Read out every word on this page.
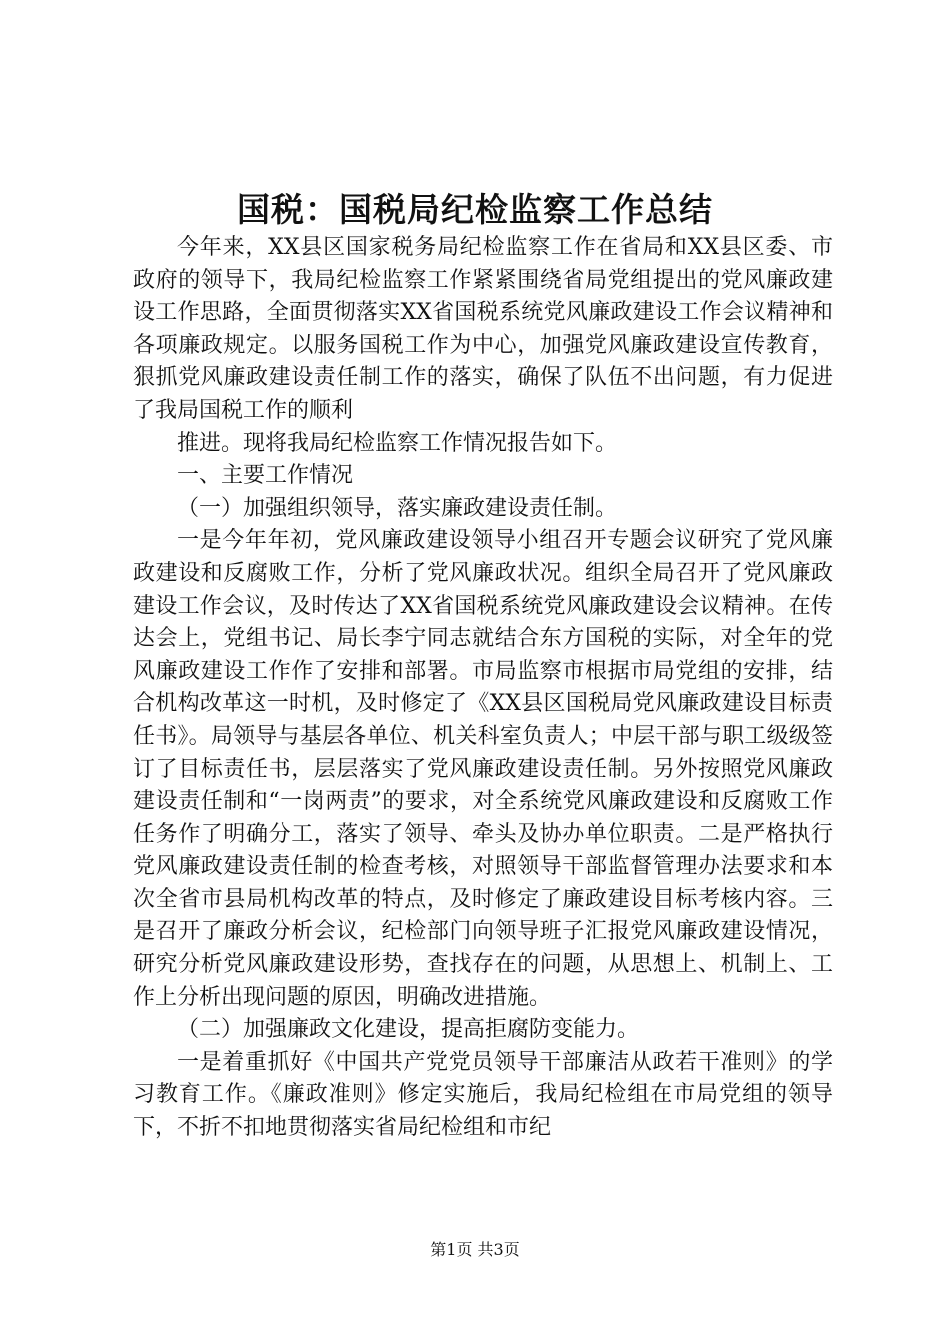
国税：国税局纪检监察工作总结

今年来，XX县区国家税务局纪检监察工作在省局和XX县区委、市政府的领导下，我局纪检监察工作紧紧围绕省局党组提出的党风廉政建设工作思路，全面贯彻落实XX省国税系统党风廉政建设工作会议精神和各项廉政规定。以服务国税工作为中心，加强党风廉政建设宣传教育，狠抓党风廉政建设责任制工作的落实，确保了队伍不出问题，有力促进了我局国税工作的顺利

推进。现将我局纪检监察工作情况报告如下。

一、主要工作情况

（一）加强组织领导，落实廉政建设责任制。

一是今年年初，党风廉政建设领导小组召开专题会议研究了党风廉政建设和反腐败工作，分析了党风廉政状况。组织全局召开了党风廉政建设工作会议，及时传达了XX省国税系统党风廉政建设会议精神。在传达会上，党组书记、局长李宁同志就结合东方国税的实际，对全年的党风廉政建设工作作了安排和部署。市局监察市根据市局党组的安排，结合机构改革这一时机，及时修定了《XX县区国税局党风廉政建设目标责任书》。局领导与基层各单位、机关科室负责人；中层干部与职工级级签订了目标责任书，层层落实了党风廉政建设责任制。另外按照党风廉政建设责任制和“一岗两责”的要求，对全系统党风廉政建设和反腐败工作任务作了明确分工，落实了领导、牵头及协办单位职责。二是严格执行党风廉政建设责任制的检查考核，对照领导干部监督管理办法要求和本次全省市县局机构改革的特点，及时修定了廉政建设目标考核内容。三是召开了廉政分析会议，纪检部门向领导班子汇报党风廉政建设情况，研究分析党风廉政建设形势，查找存在的问题，从思想上、机制上、工作上分析出现问题的原因，明确改进措施。

（二）加强廉政文化建设，提高拒腐防变能力。

一是着重抓好《中国共产党党员领导干部廉洁从政若干准则》的学习教育工作。《廉政准则》修定实施后，我局纪检组在市局党组的领导下，不折不扣地贯彻落实省局纪检组和市纪

第1页 共3页
